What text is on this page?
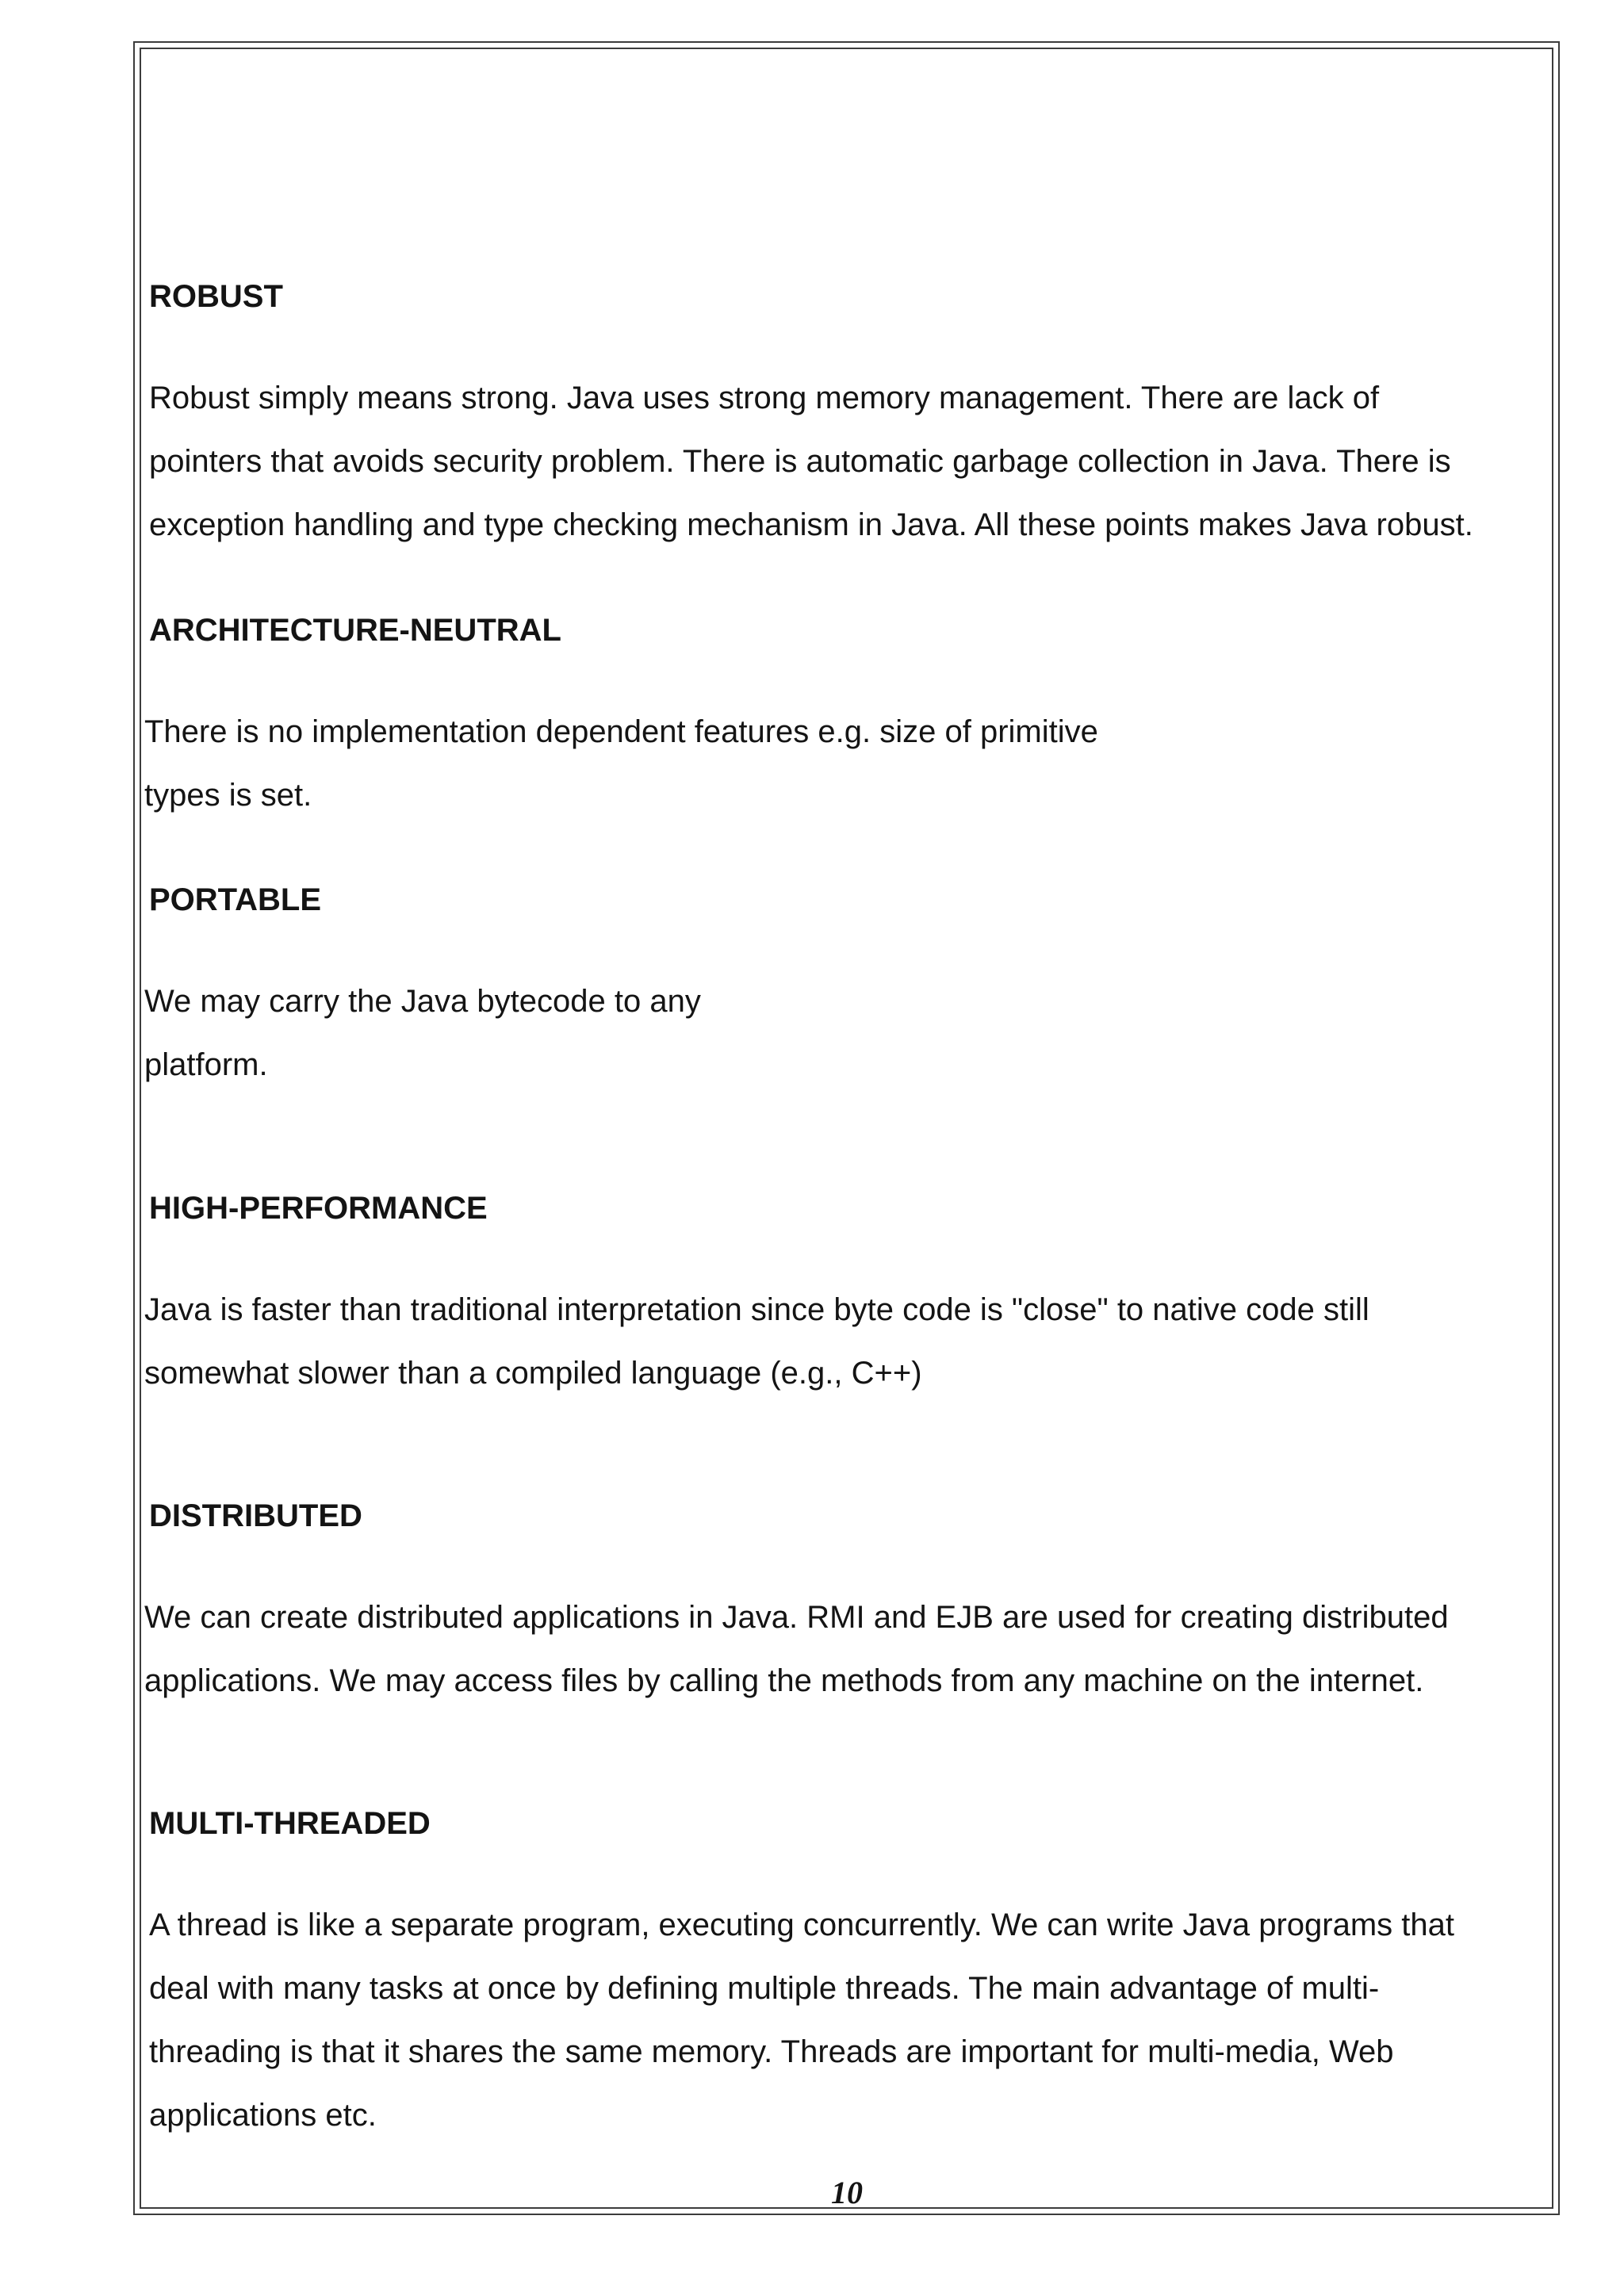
ROBUST
Robust simply means strong. Java uses strong memory management. There are lack of
pointers that avoids security problem. There is automatic garbage collection in Java. There is
exception handling and type checking mechanism in Java. All these points makes Java robust.
ARCHITECTURE-NEUTRAL
There is no implementation dependent features e.g. size of primitive
types is set.
PORTABLE
We may carry the Java bytecode to any
platform.
HIGH-PERFORMANCE
Java is faster than traditional interpretation since byte code is "close" to native code still
somewhat slower than a compiled language (e.g., C++)
DISTRIBUTED
We can create distributed applications in Java. RMI and EJB are used for creating distributed
applications. We may access files by calling the methods from any machine on the internet.
MULTI-THREADED
A thread is like a separate program, executing concurrently. We can write Java programs that
deal with many tasks at once by defining multiple threads. The main advantage of multi-
threading is that it shares the same memory. Threads are important for multi-media, Web
applications etc.

10
